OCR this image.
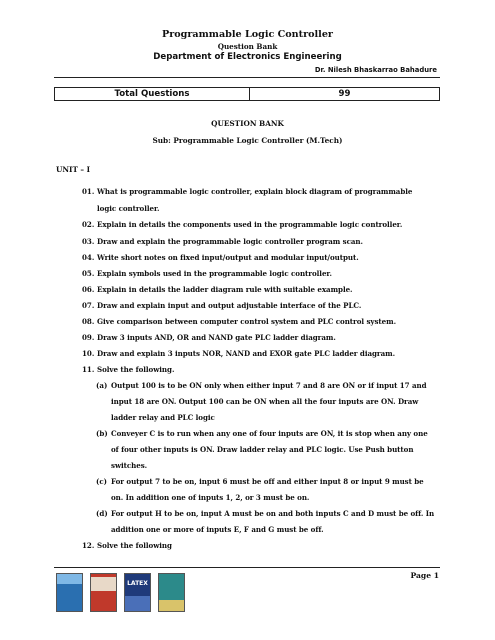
Programmable Logic Controller
Question Bank
Department of Electronics Engineering
Dr. Nilesh Bhaskarrao Bahadure
Total Questions	99
QUESTION BANK
Sub: Programmable Logic Controller (M.Tech)
UNIT – I
01. What is programmable logic controller, explain block diagram of programmable
logic controller.
02. Explain in details the components used in the programmable logic controller.
03. Draw and explain the programmable logic controller program scan.
04. Write short notes on fixed input/output and modular input/output.
05. Explain symbols used in the programmable logic controller.
06. Explain in details the ladder diagram rule with suitable example.
07. Draw and explain input and output adjustable interface of the PLC.
08. Give comparison between computer control system and PLC control system.
09. Draw 3 inputs AND, OR and NAND gate PLC ladder diagram.
10. Draw and explain 3 inputs NOR, NAND and EXOR gate PLC ladder diagram.
11. Solve the following.
(a) Output 100 is to be ON only when either input 7 and 8 are ON or if input 17 and
input 18 are ON. Output 100 can be ON when all the four inputs are ON. Draw
ladder relay and PLC logic
(b) Conveyer C is to run when any one of four inputs are ON, it is stop when any one
of four other inputs is ON. Draw ladder relay and PLC logic. Use Push button
switches.
(c) For output 7 to be on, input 6 must be off and either input 8 or input 9 must be
on. In addition one of inputs 1, 2, or 3 must be on.
(d) For output H to be on, input A must be on and both inputs C and D must be off. In
addition one or more of inputs E, F and G must be off.
12. Solve the following
Page 1
LATEX
